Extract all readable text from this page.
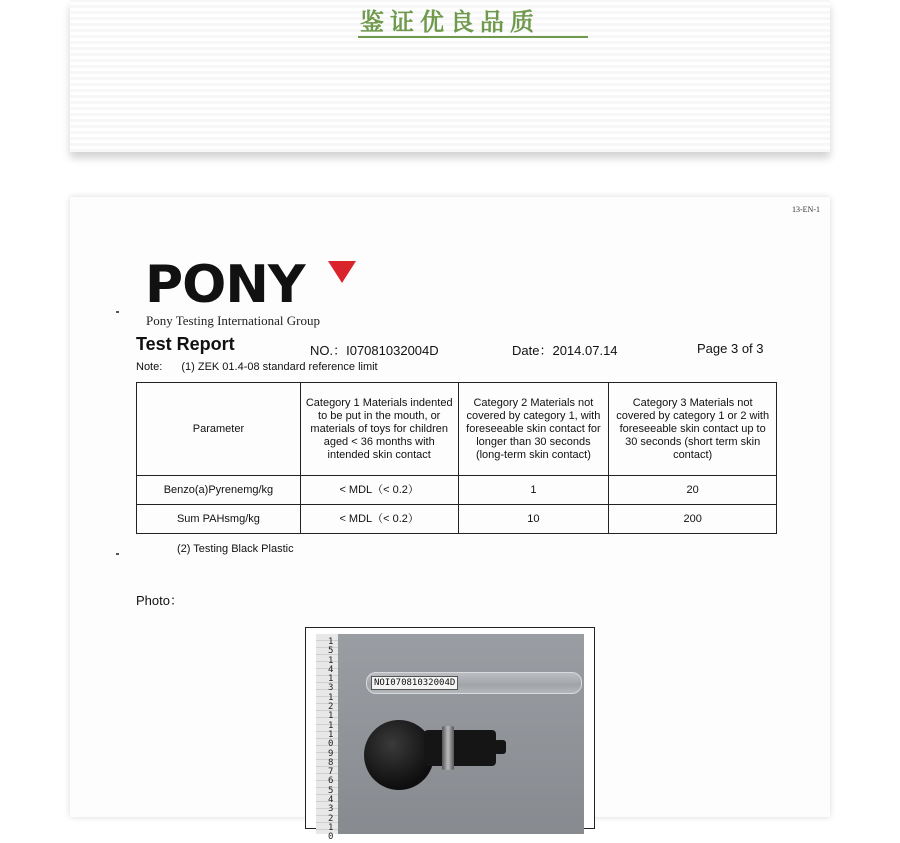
鉴证优良品质
13-EN-1
PONY
Pony Testing International Group
Test Report	NO.：I07081032004D	Date：2014.07.14	Page 3 of 3
Note: (1) ZEK 01.4-08 standard reference limit
Parameter	Category 1 Materials indented to be put in the mouth, or materials of toys for children aged < 36 months with intended skin contact	Category 2 Materials not covered by category 1, with foreseeable skin contact for longer than 30 seconds (long-term skin contact)	Category 3 Materials not covered by category 1 or 2 with foreseeable skin contact up to 30 seconds (short term skin contact)
Benzo(a)Pyrenemg/kg	< MDL（< 0.2）	1	20
Sum PAHsmg/kg	< MDL（< 0.2）	10	200
(2) Testing Black Plastic
Photo：
1514131211109876543210
NOI07081032004D
